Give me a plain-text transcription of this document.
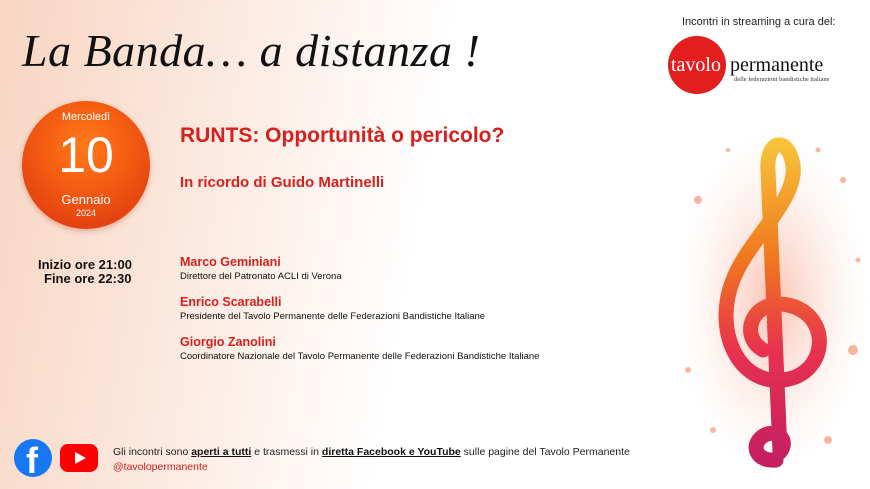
La Banda… a distanza !
Incontri in streaming a cura del:
tavolo permanente
delle federazioni bandistiche italiane
Mercoledì
10
Gennaio
2024
Inizio ore 21:00
Fine ore 22:30
RUNTS: Opportunità o pericolo?
In ricordo di Guido Martinelli
Marco Geminiani
Direttore del Patronato ACLI di Verona
Enrico Scarabelli
Presidente del Tavolo Permanente delle Federazioni Bandistiche Italiane
Giorgio Zanolini
Coordinatore Nazionale del Tavolo Permanente delle Federazioni Bandistiche Italiane
f	Gli incontri sono aperti a tutti e trasmessi in diretta Facebook e YouTube sulle pagine del Tavolo Permanente
@tavolopermanente
